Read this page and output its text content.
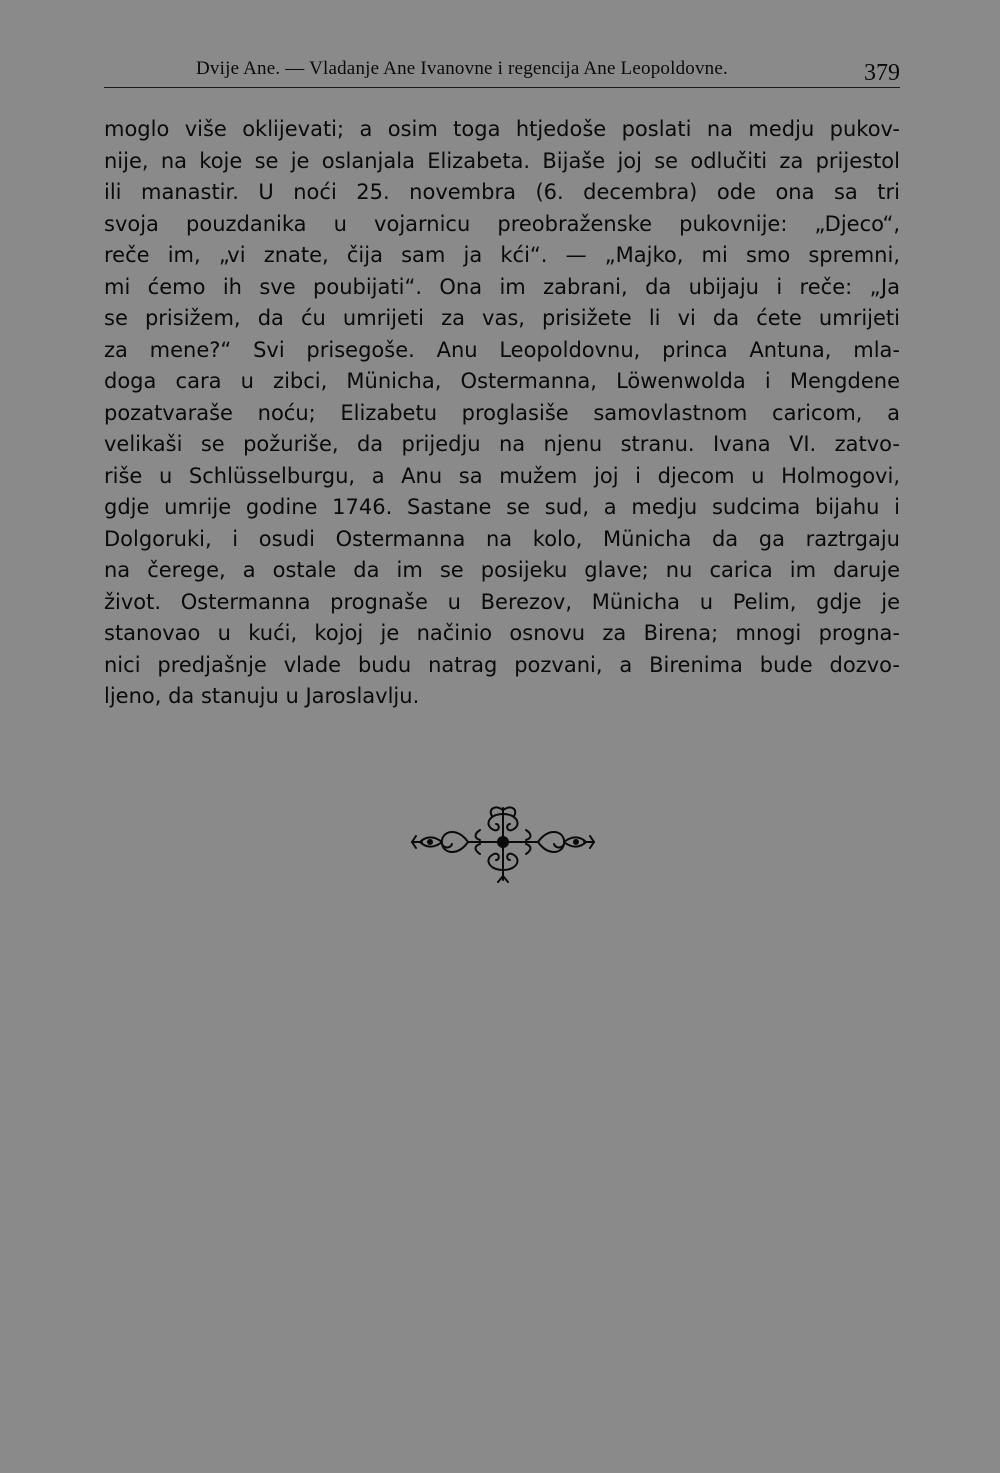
Dvije Ane. — Vladanje Ane Ivanovne i regencija Ane Leopoldovne.	379
moglo više oklijevati; a osim toga htjedoše poslati na medju pukov-
nije, na koje se je oslanjala Elizabeta. Bijaše joj se odlučiti za prijestol
ili manastir. U noći 25. novembra (6. decembra) ode ona sa tri
svoja pouzdanika u vojarnicu preobraženske pukovnije: „Djeco“,
reče im, „vi znate, čija sam ja kći“. — „Majko, mi smo spremni,
mi ćemo ih sve poubijati“. Ona im zabrani, da ubijaju i reče: „Ja
se prisižem, da ću umrijeti za vas, prisižete li vi da ćete umrijeti
za mene?“ Svi prisegoše. Anu Leopoldovnu, princa Antuna, mla-
doga cara u zibci, Münicha, Ostermanna, Löwenwolda i Mengdene
pozatvaraše noću; Elizabetu proglasiše samovlastnom caricom, a
velikaši se požuriše, da prijedju na njenu stranu. Ivana VI. zatvo-
riše u Schlüsselburgu, a Anu sa mužem joj i djecom u Holmogovi,
gdje umrije godine 1746. Sastane se sud, a medju sudcima bijahu i
Dolgoruki, i osudi Ostermanna na kolo, Münicha da ga raztrgaju
na čerege, a ostale da im se posijeku glave; nu carica im daruje
život. Ostermanna prognaše u Berezov, Münicha u Pelim, gdje je
stanovao u kući, kojoj je načinio osnovu za Birena; mnogi progna-
nici predjašnje vlade budu natrag pozvani, a Birenima bude dozvo-
ljeno, da stanuju u Jaroslavlju.
